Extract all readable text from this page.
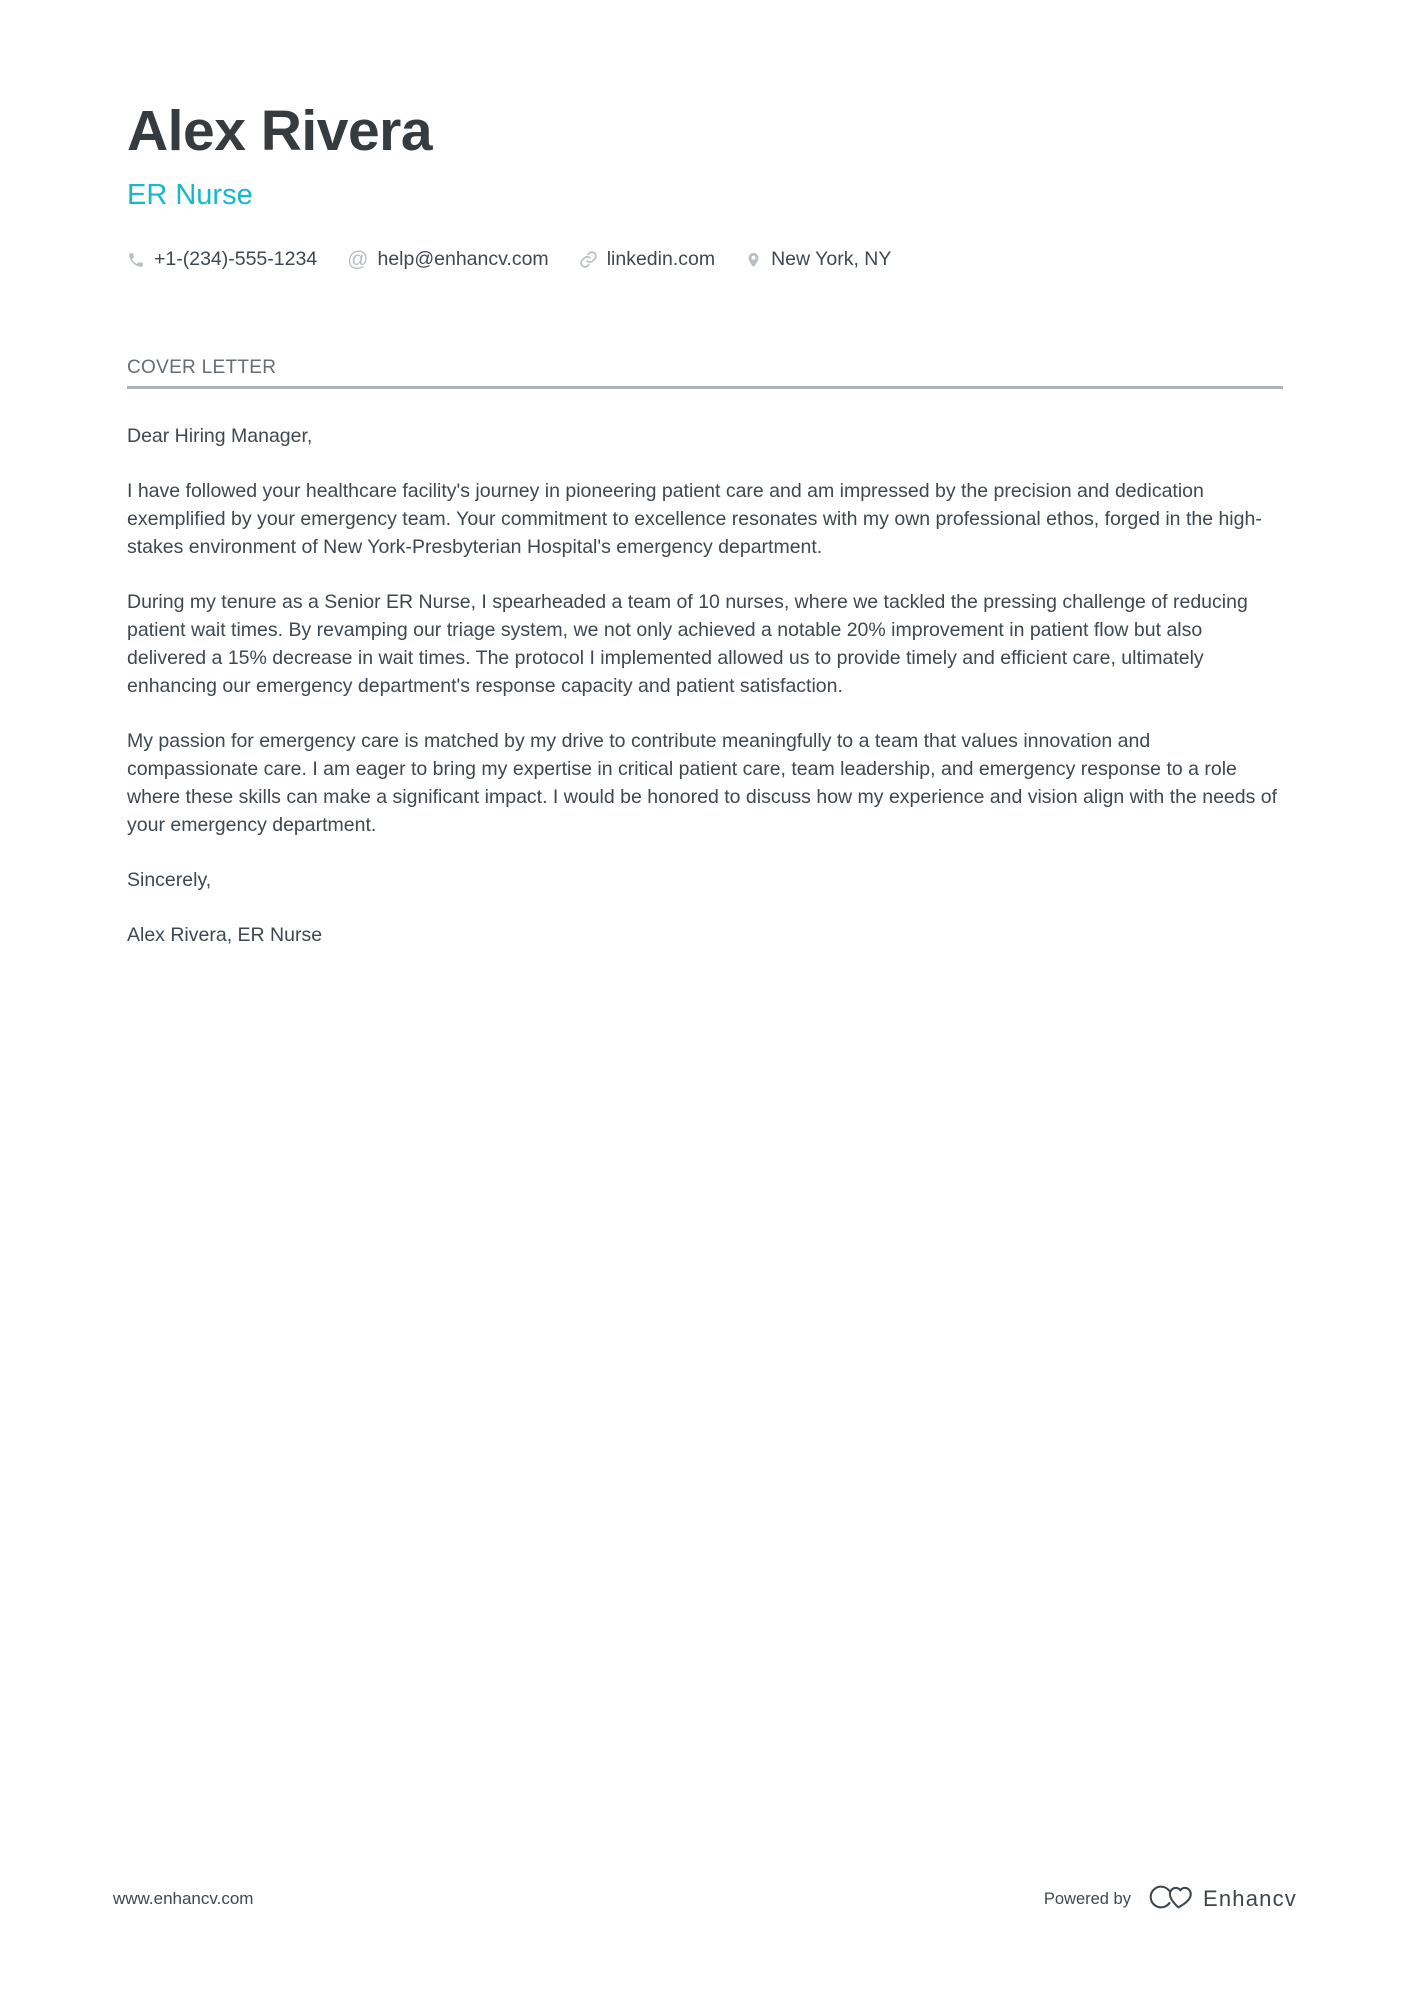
Alex Rivera
ER Nurse
+1-(234)-555-1234 @ help@enhancv.com	linkedin.com	New York, NY
COVER LETTER

Dear Hiring Manager,

I have followed your healthcare facility's journey in pioneering patient care and am impressed by the precision and dedication exemplified by your emergency team. Your commitment to excellence resonates with my own professional ethos, forged in the high-stakes environment of New York-Presbyterian Hospital's emergency department.

During my tenure as a Senior ER Nurse, I spearheaded a team of 10 nurses, where we tackled the pressing challenge of reducing patient wait times. By revamping our triage system, we not only achieved a notable 20% improvement in patient flow but also delivered a 15% decrease in wait times. The protocol I implemented allowed us to provide timely and efficient care, ultimately enhancing our emergency department's response capacity and patient satisfaction.

My passion for emergency care is matched by my drive to contribute meaningfully to a team that values innovation and compassionate care. I am eager to bring my expertise in critical patient care, team leadership, and emergency response to a role where these skills can make a significant impact. I would be honored to discuss how my experience and vision align with the needs of your emergency department.

Sincerely,

Alex Rivera, ER Nurse

www.enhancv.com	Powered by	Enhancv
